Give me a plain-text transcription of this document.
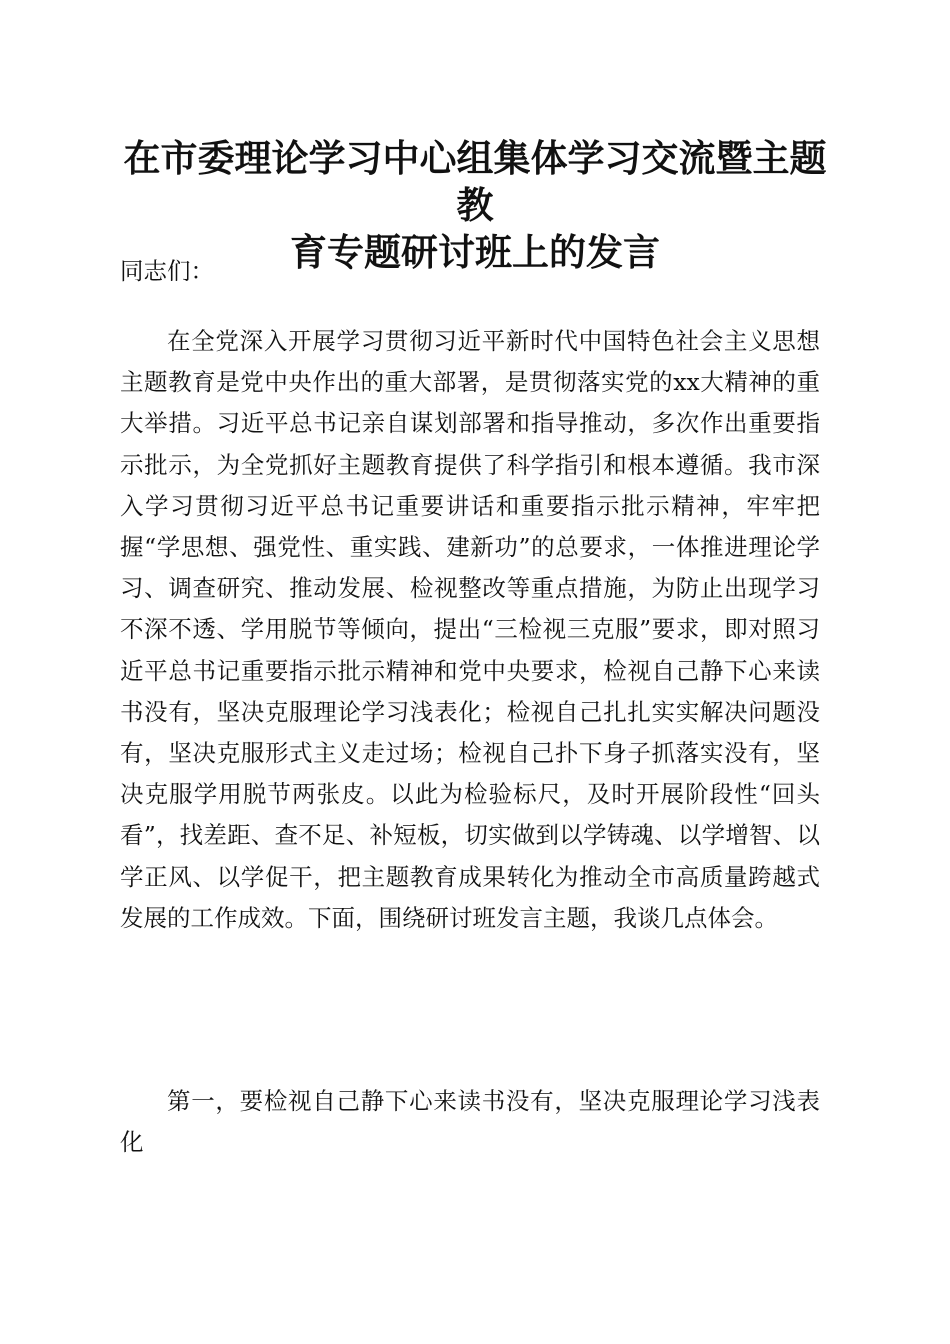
在市委理论学习中心组集体学习交流暨主题教
育专题研讨班上的发言

同志们：

在全党深入开展学习贯彻习近平新时代中国特色社会主义思想主题教育是党中央作出的重大部署，是贯彻落实党的xx大精神的重大举措。习近平总书记亲自谋划部署和指导推动，多次作出重要指示批示，为全党抓好主题教育提供了科学指引和根本遵循。我市深入学习贯彻习近平总书记重要讲话和重要指示批示精神，牢牢把握“学思想、强党性、重实践、建新功”的总要求，一体推进理论学习、调查研究、推动发展、检视整改等重点措施，为防止出现学习不深不透、学用脱节等倾向，提出“三检视三克服”要求，即对照习近平总书记重要指示批示精神和党中央要求，检视自己静下心来读书没有，坚决克服理论学习浅表化；检视自己扎扎实实解决问题没有，坚决克服形式主义走过场；检视自己扑下身子抓落实没有，坚决克服学用脱节两张皮。以此为检验标尺，及时开展阶段性“回头看”，找差距、查不足、补短板，切实做到以学铸魂、以学增智、以学正风、以学促干，把主题教育成果转化为推动全市高质量跨越式发展的工作成效。下面，围绕研讨班发言主题，我谈几点体会。

第一，要检视自己静下心来读书没有，坚决克服理论学习浅表化
